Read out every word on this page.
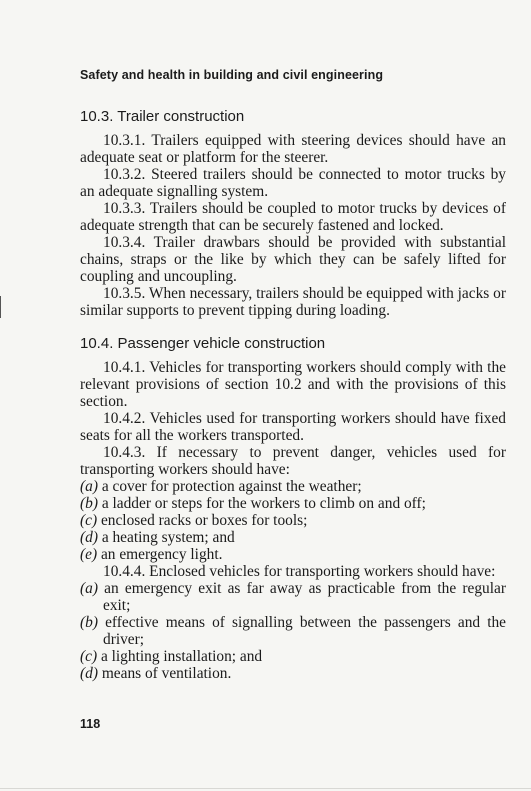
Safety and health in building and civil engineering
10.3. Trailer construction

10.3.1. Trailers equipped with steering devices should have an adequate seat or platform for the steerer.

10.3.2. Steered trailers should be connected to motor trucks by an adequate signalling system.

10.3.3. Trailers should be coupled to motor trucks by devices of adequate strength that can be securely fastened and locked.

10.3.4. Trailer drawbars should be provided with substantial chains, straps or the like by which they can be safely lifted for coupling and uncoupling.

10.3.5. When necessary, trailers should be equipped with jacks or similar supports to prevent tipping during loading.

10.4. Passenger vehicle construction

10.4.1. Vehicles for transporting workers should comply with the relevant provisions of section 10.2 and with the provisions of this section.

10.4.2. Vehicles used for transporting workers should have fixed seats for all the workers transported.

10.4.3. If necessary to prevent danger, vehicles used for transporting workers should have:

(a) a cover for protection against the weather;

(b) a ladder or steps for the workers to climb on and off;

(c) enclosed racks or boxes for tools;

(d) a heating system; and

(e) an emergency light.

10.4.4. Enclosed vehicles for transporting workers should have:

(a) an emergency exit as far away as practicable from the regular exit;

(b) effective means of signalling between the passengers and the driver;

(c) a lighting installation; and

(d) means of ventilation.

118
